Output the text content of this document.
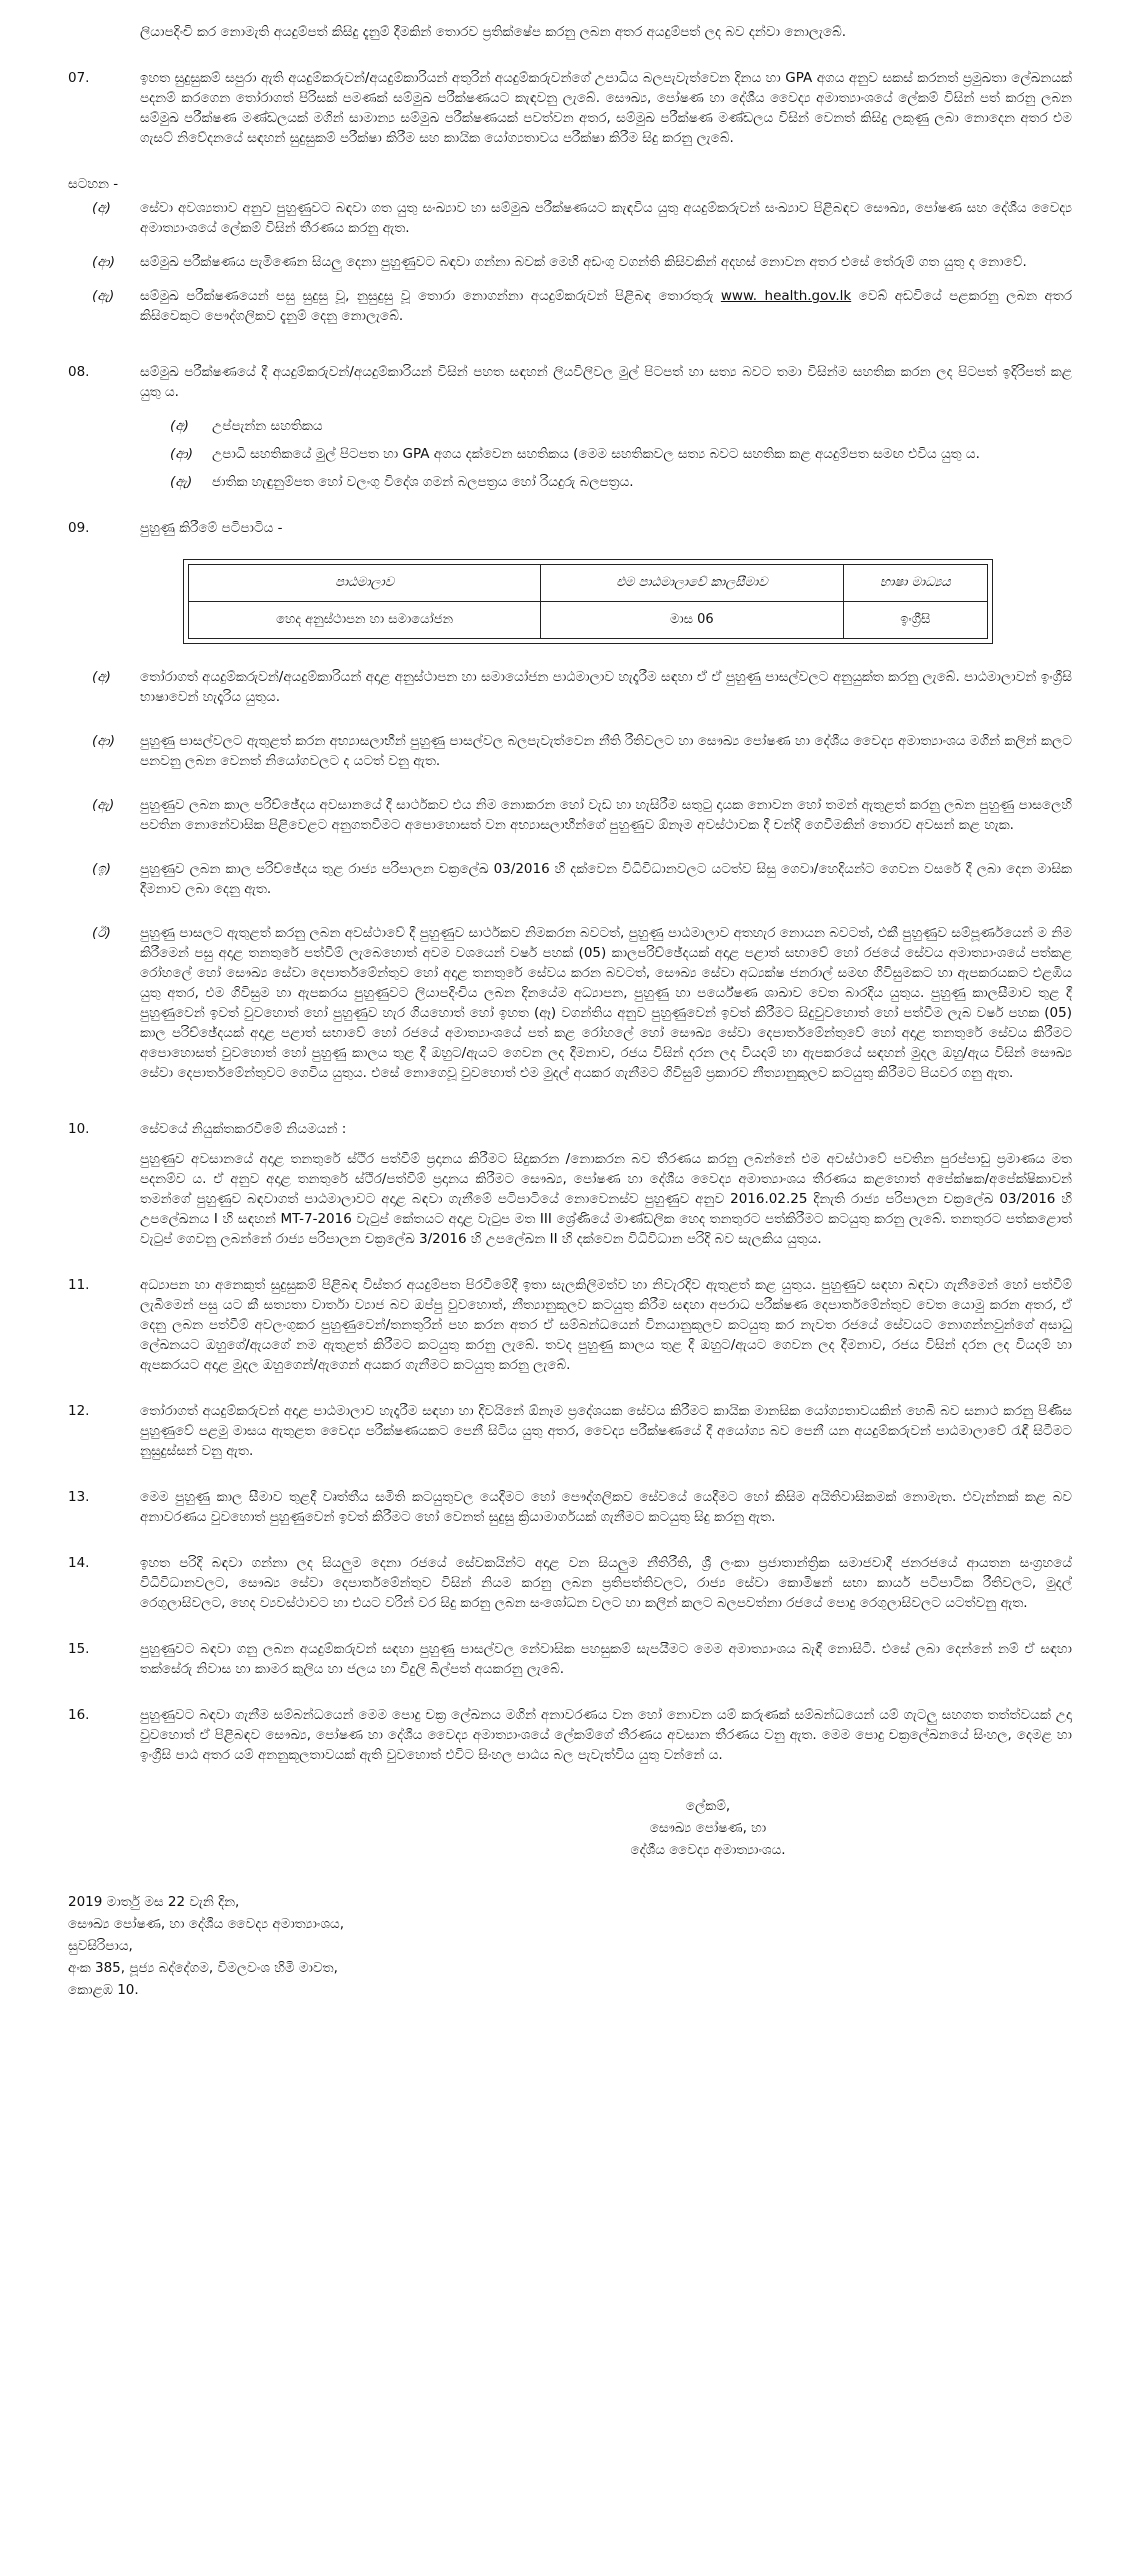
ලියාපදිංචි කර නොමැති අයදුම්පත් කිසිදු දැනුම් දීමකින් තොරව ප්‍රතික්ෂේප කරනු ලබන අතර අයදුම්පත් ලද බව දන්වා නොලැබේ.

07.	ඉහත සුදුසුකම් සපුරා ඇති අයදුම්කරුවන්/අයදුම්කාරියන් අතුරින් අයදුම්කරුවන්ගේ උපාධිය බලපැවැත්වෙන දිනය හා GPA අගය අනුව සකස් කරනත් ප්‍රමුඛතා ලේඛනයක් පදනම් කරගෙන තෝරාගත් පිරිසක් පමණක් සම්මුඛ පරීක්ෂණයට කැඳවනු ලැබේ. සෞඛ්‍ය, පෝෂණ හා දේශීය වෛද්‍ය අමාත්‍යාංශයේ ලේකම් විසින් පත් කරනු ලබන සම්මුඛ පරීක්ෂණ මණ්ඩලයක් මගින් සාමාන්‍ය සම්මුඛ පරීක්ෂණයක් පවත්වන අතර, සම්මුඛ පරීක්ෂණ මණ්ඩලය විසින් වෙනත් කිසිදු ලකුණු ලබා නොදෙන අතර එම ගැසට් නිවේදනයේ සඳහන් සුදුසුකම් පරීක්ෂා කිරීම සහ කායික යෝග්‍යතාවය පරීක්ෂා කිරීම සිදු කරනු ලැබේ.

සටහන -

(අ)	සේවා අවශ්‍යතාව අනුව පුහුණුවට බඳවා ගත යුතු සංඛ්‍යාව හා සම්මුඛ පරීක්ෂණයට කැඳවිය යුතු අයදුම්කරුවන් සංඛ්‍යාව පිළිබඳව සෞඛ්‍ය, පෝෂණ සහ දේශීය වෛද්‍ය අමාත්‍යාංශයේ ලේකම් විසින් තීරණය කරනු ඇත.
(ආ)	සම්මුඛ පරීක්ෂණය පැමිණෙන සියලු දෙනා පුහුණුවට බඳවා ගන්නා බවක් මෙහි අඩංගු වගන්ති කිසිවකින් අදහස් නොවන අතර එසේ තේරුම් ගත යුතු ද නොවේ.
(ඇ)	සම්මුඛ පරීක්ෂණයෙන් පසු සුදුසු වූ, නුසුදුසු වූ තොරා නොගන්නා අයදුම්කරුවන් පිළිබඳ තොරතුරු www. health.gov.lk වෙබ් අඩවියේ පළකරනු ලබන අතර කිසිවෙකුට පෞද්ගලිකව දැනුම් දෙනු නොලැබේ.
08.	සම්මුඛ පරීක්ෂණයේ දී අයදුම්කරුවන්/අයදුම්කාරියන් විසින් පහත සඳහන් ලියවිලිවල මුල් පිටපත් හා සත්‍ය බවට තමා විසින්ම සහතික කරන ලද පිටපත් ඉදිරිපත් කළ යුතු ය.

(අ)	උප්පැන්න සහතිකය
(ආ)	උපාධි සහතිකයේ මුල් පිටපත හා GPA අගය දක්වෙන සහතිකය (මෙම සහතිකවල සත්‍ය බවට සහතික කළ අයදුම්පත සමඟ එවිය යුතු ය.
(ඇ)	ජාතික හැඳුනුම්පත හෝ වලංගු විදේශ ගමන් බලපත්‍රය හෝ රියදුරු බලපත්‍රය.
09.	පුහුණු කිරීමේ පටිපාටිය -

පාඨමාලාව	එම පාඨමාලාවේ කාලසීමාව	භාෂා මාධ්‍යය
හෙද අනුස්ථාපන හා සමායෝජන	මාස 06	ඉංග්‍රීසි
(අ)	තෝරාගත් අයදුම්කරුවන්/අයදුම්කාරියන් අදාළ අනුස්ථාපන හා සමායෝජන පාඨමාලාව හැදෑරීම සඳහා ඒ ඒ පුහුණු පාසල්වලට අනුයුක්ත කරනු ලැබේ. පාඨමාලාවන් ඉංග්‍රීසි භාෂාවෙන් හැදෑරිය යුතුය.
(ආ)	පුහුණු පාසල්වලට ඇතුළත් කරන අභ්‍යාසලාභීන් පුහුණු පාසල්වල බලපැවැත්වෙන නීති රීතිවලට හා සෞඛ්‍ය පෝෂණ හා දේශීය වෛද්‍ය අමාත්‍යාංශය මගින් කලින් කලට පනවනු ලබන වෙනත් නියෝගවලට ද යටත් වනු ඇත.
(ඇ)	පුහුණුව ලබන කාල පරිච්ඡේදය අවසානයේ දී සාර්ථකව එය නිම නොකරන හෝ වැඩ හා හැසිරීම සතුටු දායක නොවන හෝ තමන් ඇතුළත් කරනු ලබන පුහුණු පාසලෙහි පවතින නොනේවාසික පිළිවෙළට අනුගතවීමට අපොහොසත් වන අභ්‍යාසලාභීන්ගේ පුහුණුව ඕනෑම අවස්ථාවක දී චන්දි ගෙවීමකින් තොරව අවසන් කළ හැක.
(ඉ)	පුහුණුව ලබන කාල පරිච්ඡේදය තුළ රාජ්‍ය පරිපාලන චක්‍රලේඛ 03/2016 හි දක්වෙන විධිවිධානවලට යටත්ව සිසු ගෙවා/හෙදියන්ට ගෙවන වසරේ දී ලබා දෙන මාසික දීමනාව ලබා දෙනු ඇත.
(ඊ)	පුහුණු පාසලට ඇතුළත් කරනු ලබන අවස්ථාවේ දී පුහුණුව සාර්ථකව නිමකරන බවටත්, පුහුණු පාඨමාලාව අතහැර නොයන බවටත්, එකී පුහුණුව සම්පූර්ණයෙන් ම නිම කිරීමෙන් පසු අදාළ තනතුරේ පත්වීම් ලැබෙහොත් අවම වශයෙන් වර්ෂ පහක් (05) කාලපරිච්ඡේදයක් අදාළ පළාත් සභාවේ හෝ රජයේ සේවය අමාත්‍යාංශයේ පත්කළ රෝහලේ හෝ සෞඛ්‍ය සේවා දෙපාර්තමේන්තුව හෝ අදාළ තනතුරේ සේවය කරන බවටත්, සෞඛ්‍ය සේවා අධ්‍යක්ෂ ජනරාල් සමඟ ගිවිසුමකට හා ඇපකරයකට එළඹිය යුතු අතර, එම ගිවිසුම හා ඇපකරය පුහුණුවට ලියාපදිංචිය ලබන දිනයේම අධ්‍යාපන, පුහුණු හා පර්යේෂණ ශාඛාව වෙත බාරදිය යුතුය. පුහුණු කාලසීමාව තුළ දී පුහුණුවෙන් ඉවත් වුවහොත් හෝ පුහුණුව හැර ගියහොත් හෝ ඉහත (ඈ) වගන්තිය අනුව පුහුණුවෙන් ඉවත් කිරීමට සිදුවුවහොත් හෝ පත්වීම ලැබ වර්ෂ පහක (05) කාල පරිච්ඡේදයක් අදාළ පළාත් සභාවේ හෝ රජයේ අමාත්‍යාංශයේ පත් කළ රෝහලේ හෝ සෞඛ්‍ය සේවා දෙපාර්තමේන්තුවේ හෝ අදාළ තනතුරේ සේවය කිරීමට අපොහොසත් වුවහොත් හෝ පුහුණු කාලය තුළ දී ඔහුට/ඇයට ගෙවන ලද දීමනාව, රජය විසින් දරන ලද වියදම් හා ඇපකරයේ සඳහන් මුදල ඔහු/ඇය විසින් සෞඛ්‍ය සේවා දෙපාර්තමේන්තුවට ගෙවිය යුතුය. එසේ නොගෙවූ වුවහොත් එම මුදල් අයකර ගැනීමට ගිවිසුම් ප්‍රකාරව නීත්‍යානුකූලව කටයුතු කිරීමට පියවර ගනු ඇත.
10.	සේවයේ නියුක්තකරවීමේ නියමයන් :

පුහුණුව අවසානයේ අදාළ තනතුරේ ස්ථිර පත්වීම් ප්‍රදානය කිරීමට සිදුකරන /නොකරන බව තීරණය කරනු ලබන්නේ එම අවස්ථාවේ පවතින පුරප්පාඩු ප්‍රමාණය මත පදනම්ව ය. ඒ අනුව අදාළ තනතුරේ ස්ථිර/පත්වීම් ප්‍රදානය කිරීමට සෞඛ්‍ය, පෝෂණ හා දේශීය වෛද්‍ය අමාත්‍යාංශය තීරණය කළහොත් අපේක්ෂක/අපේක්ෂිකාවන් තමන්ගේ පුහුණුව බඳවාගත් පාඨමාලාවට අදාළ බඳවා ගැනීමේ පටිපාටියේ නොවෙනස්ව පුහුණුව අනුව 2016.02.25 දිනැති රාජ්‍ය පරිපාලන චක්‍රලේඛ 03/2016 හි උපලේඛනය I හි සඳහන් MT-7-2016 වැටුප් කේතයට අදාළ වැටුප මත III ශ්‍රේණියේ මාණ්ඩලික හෙද තනතුරට පත්කිරීමට කටයුතු කරනු ලැබේ. තනතුරට පත්කළොත් වැටුප් ගෙවනු ලබන්නේ රාජ්‍ය පරිපාලන චක්‍රලේඛ 3/2016 හි උපලේඛන II හි දක්වෙන විධිවිධාන පරිදි බව සැලකිය යුතුය.

11.	අධ්‍යාපන හා අනෙකුත් සුදුසුකම් පිළිබඳ විස්තර අයදුම්පත පිරවීමේදී ඉතා සැලකිලිමත්ව හා නිවැරදිව ඇතුළත් කළ යුතුය. පුහුණුව සඳහා බඳවා ගැනීමෙන් හෝ පත්වීම් ලැබීමෙන් පසු යට කී සත්‍යතා වාර්තා ව්‍යාජ බව ඔප්පු වුවහොත්, නීත්‍යානුකූලව කටයුතු කිරීම සඳහා අපරාධ පරීක්ෂණ දෙපාර්තමේන්තුව වෙත යොමු කරන අතර, ඒ දෙනු ලබන පත්වීම් අවලංගුකර පුහුණුවෙන්/තනතුරින් පහ කරන අතර ඒ සම්බන්ධයෙන් විනයානුකූලව කටයුතු කර නැවත රජයේ සේවයට නොගන්නවුන්ගේ අසාධු ලේඛනයට ඔහුගේ/ඇයගේ නම ඇතුළත් කිරීමට කටයුතු කරනු ලැබේ. තවද පුහුණු කාලය තුළ දී ඔහුට/ඇයට ගෙවන ලද දීමනාව, රජය විසින් දරන ලද වියදම් හා ඇපකරයට අදාළ මුදල ඔහුගෙන්/ඇගෙන් අයකර ගැනීමට කටයුතු කරනු ලැබේ.

12.	තෝරාගත් අයදුම්කරුවන් අදාළ පාඨමාලාව හැදෑරීම සඳහා හා දිවයිනේ ඕනෑම ප්‍රදේශයක සේවය කිරීමට කායික මානසික යෝග්‍යතාවයකින් හෙබි බව සනාථ කරනු පිණිස පුහුණුවේ පළමු මාසය ඇතුළත වෛද්‍ය පරීක්ෂණයකට පෙනී සිටිය යුතු අතර, වෛද්‍ය පරීක්ෂණයේ දී අයෝග්‍ය බව පෙනී යන අයදුම්කරුවන් පාඨමාලාවේ රැඳී සිටීමට නුසුදුස්සන් වනු ඇත.

13.	මෙම පුහුණු කාල සීමාව තුළදී වෘත්තීය සමිති කටයුතුවල යෙදීමට හෝ පෞද්ගලිකව සේවයේ යෙදීමට හෝ කිසිම අයිතිවාසිකමක් නොමැත. එවැන්නක් කළ බව අනාවරණය වුවහොත් පුහුණුවෙන් ඉවත් කිරීමට හෝ වෙනත් සුදුසු ක්‍රියාමාර්ගයක් ගැනීමට කටයුතු සිදු කරනු ඇත.

14.	ඉහත පරිදි බඳවා ගන්නා ලද සියලුම දෙනා රජයේ සේවකයින්ට අදාළ වන සියලුම නීතිරීති, ශ්‍රී ලංකා ප්‍රජාතාන්ත්‍රික සමාජවාදී ජනරජයේ ආයතන සංග්‍රහයේ විධිවිධානවලට, සෞඛ්‍ය සේවා දෙපාර්තමේන්තුව විසින් නියම කරනු ලබන ප්‍රතිපත්තිවලට, රාජ්‍ය සේවා කොමිෂන් සභා කාර්ය පටිපාටික රීතිවලට, මුදල් රෙගුලාසිවලට, හෙද ව්‍යවස්ථාවට හා එයට වරින් වර සිදු කරනු ලබන සංශෝධන වලට හා කලින් කලට බලපවත්නා රජයේ පොදු රෙගුලාසිවලට යටත්වනු ඇත.

15.	පුහුණුවට බඳවා ගනු ලබන අයදුම්කරුවන් සඳහා පුහුණු පාසල්වල නේවාසික පහසුකම් සැපයීමට මෙම අමාත්‍යාංශය බැඳී නොසිටී. එසේ ලබා දෙන්නේ නම් ඒ සඳහා තක්සේරු නිවාස හා කාමර කුලිය හා ජලය හා විදුලි බිල්පත් අයකරනු ලැබේ.

16.	පුහුණුවට බඳවා ගැනීම සම්බන්ධයෙන් මෙම පොදු චක්‍ර ලේඛනය මගින් අනාවරණය වන හෝ නොවන යම් කරුණක් සම්බන්ධයෙන් යම් ගැටලු සහගත තත්ත්වයක් උදා වුවහොත් ඒ පිළිබඳව සෞඛ්‍ය, පෝෂණ හා දේශීය වෛද්‍ය අමාත්‍යාංශයේ ලේකම්ගේ තීරණය අවසාන තීරණය වනු ඇත. මෙම පොදු චක්‍රලේඛනයේ සිංහල, දෙමළ හා ඉංග්‍රීසි පාඨ අතර යම් අනනුකූලතාවයක් ඇති වුවහොත් එවිට සිංහල පාඨය බල පැවැත්විය යුතු වන්නේ ය.

ලේකම්,
සෞඛ්‍ය පෝෂණ, හා
දේශීය වෛද්‍ය අමාත්‍යාංශය.
2019 මාර්තු මස 22 වැනි දින,
සෞඛ්‍ය පෝෂණ, හා දේශීය වෛද්‍ය අමාත්‍යාංශය,
සුවසිරිපාය,
අංක 385, පූජ්‍ය බද්දේගම, විමලවංශ හිමි මාවත,
කොළඹ 10.
